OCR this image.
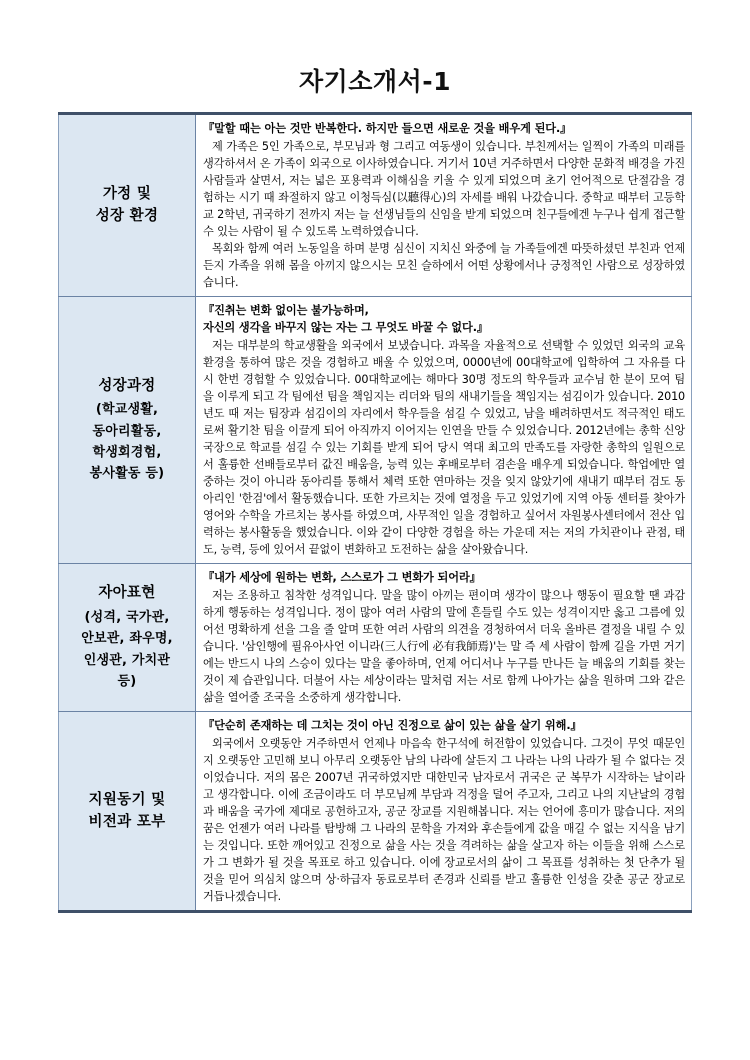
자기소개서-1
가정 및
성장 환경

『말할 때는 아는 것만 반복한다. 하지만 들으면 새로운 것을 배우게 된다.』

제 가족은 5인 가족으로, 부모님과 형 그리고 여동생이 있습니다. 부친께서는 일찍이 가족의 미래를 생각하셔서 온 가족이 외국으로 이사하였습니다. 거기서 10년 거주하면서 다양한 문화적 배경을 가진 사람들과 살면서, 저는 넓은 포용력과 이해심을 키울 수 있게 되었으며 초기 언어적으로 단절감을 경험하는 시기 때 좌절하지 않고 이청득심(以聽得心)의 자세를 배워 나갔습니다. 중학교 때부터 고등학교 2학년, 귀국하기 전까지 저는 늘 선생님들의 신임을 받게 되었으며 친구들에겐 누구나 쉽게 접근할 수 있는 사람이 될 수 있도록 노력하였습니다.

목회와 함께 여러 노동일을 하며 분명 심신이 지치신 와중에 늘 가족들에겐 따뜻하셨던 부친과 언제든지 가족을 위해 몸을 아끼지 않으시는 모친 슬하에서 어떤 상황에서나 긍정적인 사람으로 성장하였습니다.

성장과정
(학교생활,
동아리활동,
학생회경험,
봉사활동 등)

『진취는 변화 없이는 불가능하며,
자신의 생각을 바꾸지 않는 자는 그 무엇도 바꿀 수 없다.』

저는 대부분의 학교생활을 외국에서 보냈습니다. 과목을 자율적으로 선택할 수 있었던 외국의 교육 환경을 통하여 많은 것을 경험하고 배울 수 있었으며, 0000년에 00대학교에 입학하여 그 자유를 다시 한번 경험할 수 있었습니다. 00대학교에는 해마다 30명 정도의 학우들과 교수님 한 분이 모여 팀을 이루게 되고 각 팀에선 팀을 책임지는 리더와 팀의 새내기들을 책임지는 섬김이가 있습니다. 2010년도 때 저는 팀장과 섬김이의 자리에서 학우들을 섬길 수 있었고, 남을 배려하면서도 적극적인 태도로써 활기찬 팀을 이끌게 되어 아직까지 이어지는 인연을 만들 수 있었습니다. 2012년에는 총학 신앙국장으로 학교를 섬길 수 있는 기회를 받게 되어 당시 역대 최고의 만족도를 자랑한 총학의 일원으로서 훌륭한 선배들로부터 값진 배움을, 능력 있는 후배로부터 겸손을 배우게 되었습니다. 학업에만 열중하는 것이 아니라 동아리를 통해서 체력 또한 연마하는 것을 잊지 않았기에 새내기 때부터 검도 동아리인 '한검'에서 활동했습니다. 또한 가르치는 것에 열정을 두고 있었기에 지역 아동 센터를 찾아가 영어와 수학을 가르치는 봉사를 하였으며, 사무적인 일을 경험하고 싶어서 자원봉사센터에서 전산 입력하는 봉사활동을 했었습니다. 이와 같이 다양한 경험을 하는 가운데 저는 저의 가치관이나 관점, 태도, 능력, 등에 있어서 끝없이 변화하고 도전하는 삶을 살아왔습니다.

자아표현
(성격, 국가관,
안보관, 좌우명,
인생관, 가치관
등)

『내가 세상에 원하는 변화, 스스로가 그 변화가 되어라』

저는 조용하고 침착한 성격입니다. 말을 많이 아끼는 편이며 생각이 많으나 행동이 필요할 땐 과감하게 행동하는 성격입니다. 정이 많아 여러 사람의 말에 흔들릴 수도 있는 성격이지만 옳고 그름에 있어선 명확하게 선을 그을 줄 알며 또한 여러 사람의 의견을 경청하여서 더욱 올바른 결정을 내릴 수 있습니다. '삼인행에 필유아사언 이니라(三人行에 必有我師焉)'는 말 즉 세 사람이 함께 길을 가면 거기에는 반드시 나의 스승이 있다는 말을 좋아하며, 언제 어디서나 누구를 만나든 늘 배움의 기회를 찾는 것이 제 습관입니다. 더불어 사는 세상이라는 말처럼 저는 서로 함께 나아가는 삶을 원하며 그와 같은 삶을 열어줄 조국을 소중하게 생각합니다.

지원동기 및
비전과 포부

『단순히 존재하는 데 그치는 것이 아닌 진정으로 삶이 있는 삶을 살기 위해.』

외국에서 오랫동안 거주하면서 언제나 마음속 한구석에 허전함이 있었습니다. 그것이 무엇 때문인지 오랫동안 고민해 보니 아무리 오랫동안 남의 나라에 살든지 그 나라는 나의 나라가 될 수 없다는 것이었습니다. 저의 몸은 2007년 귀국하였지만 대한민국 남자로서 귀국은 군 복무가 시작하는 날이라고 생각합니다. 이에 조금이라도 더 부모님께 부담과 걱정을 덜어 주고자, 그리고 나의 지난날의 경험과 배움을 국가에 제대로 공헌하고자, 공군 장교를 지원해봅니다. 저는 언어에 흥미가 많습니다. 저의 꿈은 언젠가 여러 나라를 탐방해 그 나라의 문학을 가져와 후손들에게 값을 매길 수 없는 지식을 남기는 것입니다. 또한 깨어있고 진정으로 삶을 사는 것을 격려하는 삶을 살고자 하는 이들을 위해 스스로가 그 변화가 될 것을 목표로 하고 있습니다. 이에 장교로서의 삶이 그 목표를 성취하는 첫 단추가 될 것을 믿어 의심치 않으며 상·하급자 동료로부터 존경과 신뢰를 받고 훌륭한 인성을 갖춘 공군 장교로 거듭나겠습니다.
